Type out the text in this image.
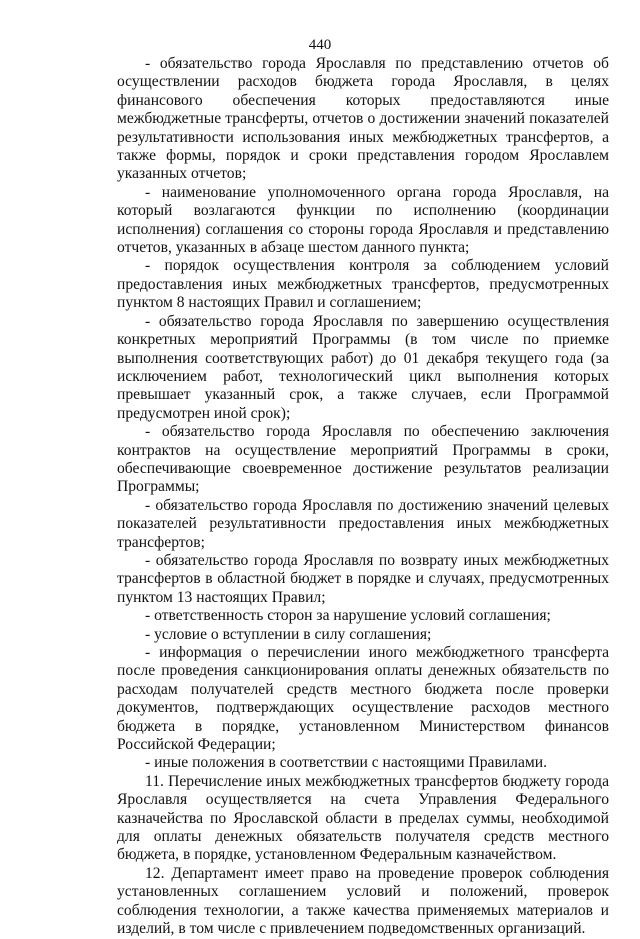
440

- обязательство города Ярославля по представлению отчетов об осуществлении расходов бюджета города Ярославля, в целях финансового обеспечения которых предоставляются иные межбюджетные трансферты, отчетов о достижении значений показателей результативности использования иных межбюджетных трансфертов, а также формы, порядок и сроки представления городом Ярославлем указанных отчетов;

- наименование уполномоченного органа города Ярославля, на который возлагаются функции по исполнению (координации исполнения) соглашения со стороны города Ярославля и представлению отчетов, указанных в абзаце шестом данного пункта;

- порядок осуществления контроля за соблюдением условий предоставления иных межбюджетных трансфертов, предусмотренных пунктом 8 настоящих Правил и соглашением;

- обязательство города Ярославля по завершению осуществления конкретных мероприятий Программы (в том числе по приемке выполнения соответствующих работ) до 01 декабря текущего года (за исключением работ, технологический цикл выполнения которых превышает указанный срок, а также случаев, если Программой предусмотрен иной срок);

- обязательство города Ярославля по обеспечению заключения контрактов на осуществление мероприятий Программы в сроки, обеспечивающие своевременное достижение результатов реализации Программы;

- обязательство города Ярославля по достижению значений целевых показателей результативности предоставления иных межбюджетных трансфертов;

- обязательство города Ярославля по возврату иных межбюджетных трансфертов в областной бюджет в порядке и случаях, предусмотренных пунктом 13 настоящих Правил;

- ответственность сторон за нарушение условий соглашения;

- условие о вступлении в силу соглашения;

- информация о перечислении иного межбюджетного трансферта после проведения санкционирования оплаты денежных обязательств по расходам получателей средств местного бюджета после проверки документов, подтверждающих осуществление расходов местного бюджета в порядке, установленном Министерством финансов Российской Федерации;

- иные положения в соответствии с настоящими Правилами.

11. Перечисление иных межбюджетных трансфертов бюджету города Ярославля осуществляется на счета Управления Федерального казначейства по Ярославской области в пределах суммы, необходимой для оплаты денежных обязательств получателя средств местного бюджета, в порядке, установленном Федеральным казначейством.

12. Департамент имеет право на проведение проверок соблюдения установленных соглашением условий и положений, проверок соблюдения технологии, а также качества применяемых материалов и изделий, в том числе с привлечением подведомственных организаций.
